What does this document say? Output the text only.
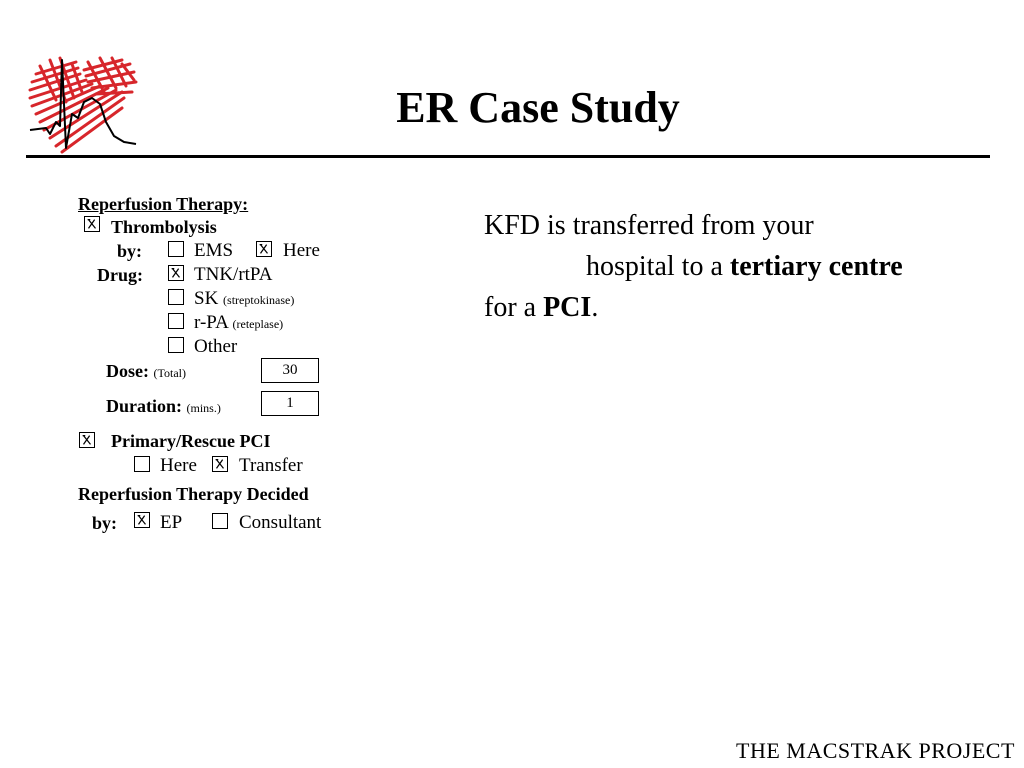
ER Case Study
Reperfusion Therapy:
Thrombolysis
by:	EMS	Here
Drug:	TNK/rtPA
SK (streptokinase)
r-PA (reteplase)
Other
Dose: (Total)	30
Duration: (mins.)	1
Primary/Rescue PCI
Here Transfer
Reperfusion Therapy Decided
by: EP	Consultant
KFD is transferred from your
hospital to a tertiary centre
for a PCI.
THE MACSTRAK PROJECT
